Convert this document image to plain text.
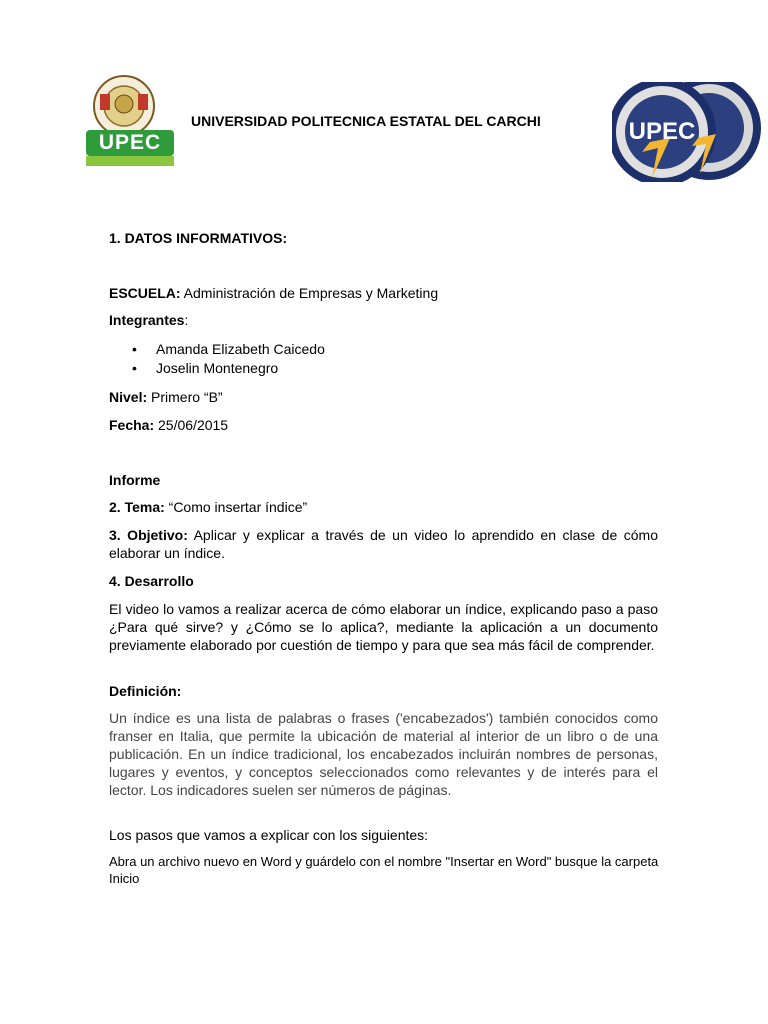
UPEC
UNIVERSIDAD POLITECNICA ESTATAL DEL CARCHI	UPEC

1. DATOS INFORMATIVOS:

ESCUELA: Administración de Empresas y Marketing

Integrantes:

• Amanda Elizabeth Caicedo
• Joselin Montenegro

Nivel: Primero “B”

Fecha: 25/06/2015

Informe

2. Tema: “Como insertar índice”

3. Objetivo: Aplicar y explicar a través de un video lo aprendido en clase de cómo elaborar un índice.

4. Desarrollo

El video lo vamos a realizar acerca de cómo elaborar un índice, explicando paso a paso ¿Para qué sirve? y ¿Cómo se lo aplica?, mediante la aplicación a un documento previamente elaborado por cuestión de tiempo y para que sea más fácil de comprender.

Definición:

Un índice es una lista de palabras o frases ('encabezados') también conocidos como franser en Italia, que permite la ubicación de material al interior de un libro o de una publicación. En un índice tradicional, los encabezados incluirán nombres de personas, lugares y eventos, y conceptos seleccionados como relevantes y de interés para el lector. Los indicadores suelen ser números de páginas.

Los pasos que vamos a explicar con los siguientes:

Abra un archivo nuevo en Word y guárdelo con el nombre "Insertar en Word" busque la carpeta Inicio
